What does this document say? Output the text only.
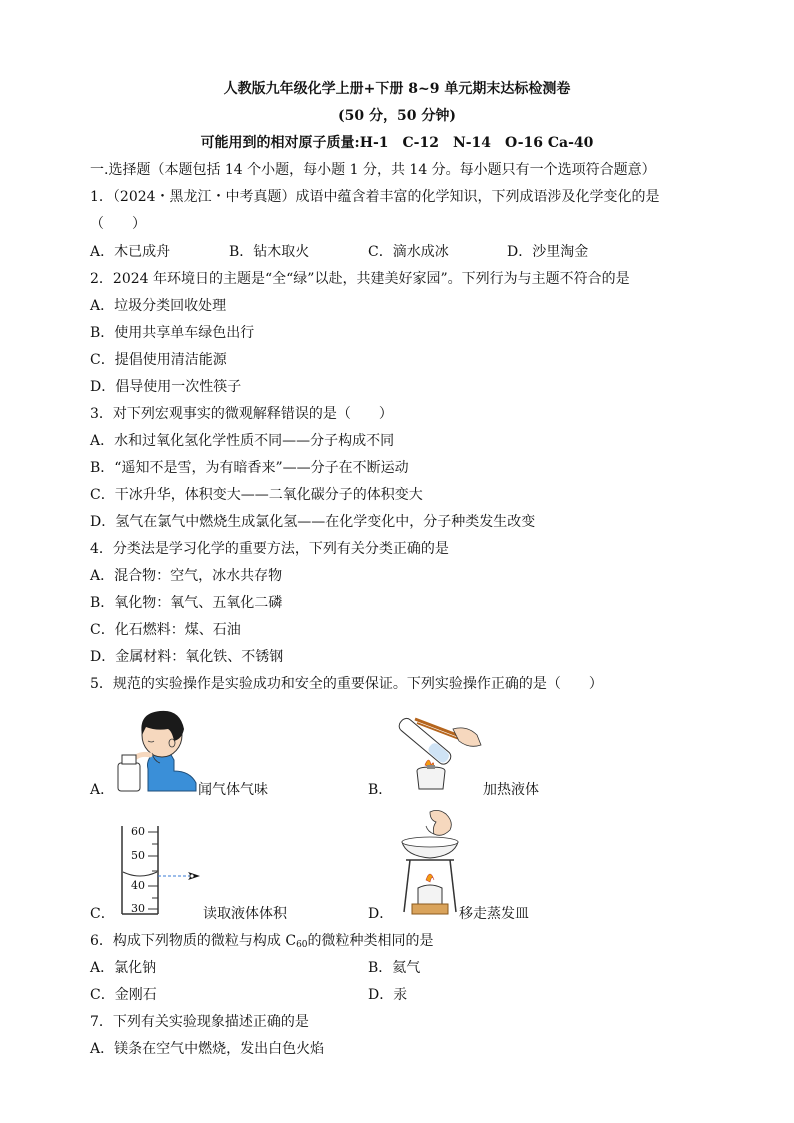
人教版九年级化学上册+下册 8~9 单元期末达标检测卷
(50 分，50 分钟)
可能用到的相对原子质量:H-1　C-12　N-14　O-16 Ca-40
一.选择题（本题包括 14 个小题，每小题 1 分，共 14 分。每小题只有一个选项符合题意）
1．（2024・黑龙江・中考真题）成语中蕴含着丰富的化学知识，下列成语涉及化学变化的是
（　　）
A．木已成舟	B．钻木取火	C．滴水成冰	D．沙里淘金
2．2024 年环境日的主题是“全“绿”以赴，共建美好家园”。下列行为与主题不符合的是
A．垃圾分类回收处理
B．使用共享单车绿色出行
C．提倡使用清洁能源
D．倡导使用一次性筷子
3．对下列宏观事实的微观解释错误的是（　　）
A．水和过氧化氢化学性质不同——分子构成不同
B．“遥知不是雪，为有暗香来”——分子在不断运动
C．干冰升华，体积变大——二氧化碳分子的体积变大
D．氢气在氯气中燃烧生成氯化氢——在化学变化中，分子种类发生改变
4．分类法是学习化学的重要方法，下列有关分类正确的是
A．混合物：空气，冰水共存物
B．氧化物：氧气、五氧化二磷
C．化石燃料：煤、石油
D．金属材料：氧化铁、不锈钢
5．规范的实验操作是实验成功和安全的重要保证。下列实验操作正确的是（　　）
A．	闻气体气味	B．	加热液体
60
50
40
30
C．	读取液体体积	D．	移走蒸发皿
6．构成下列物质的微粒与构成 $C_{60}$的微粒种类相同的是
A．氯化钠	B．氦气
C．金刚石	D．汞
7．下列有关实验现象描述正确的是
A．镁条在空气中燃烧，发出白色火焰
